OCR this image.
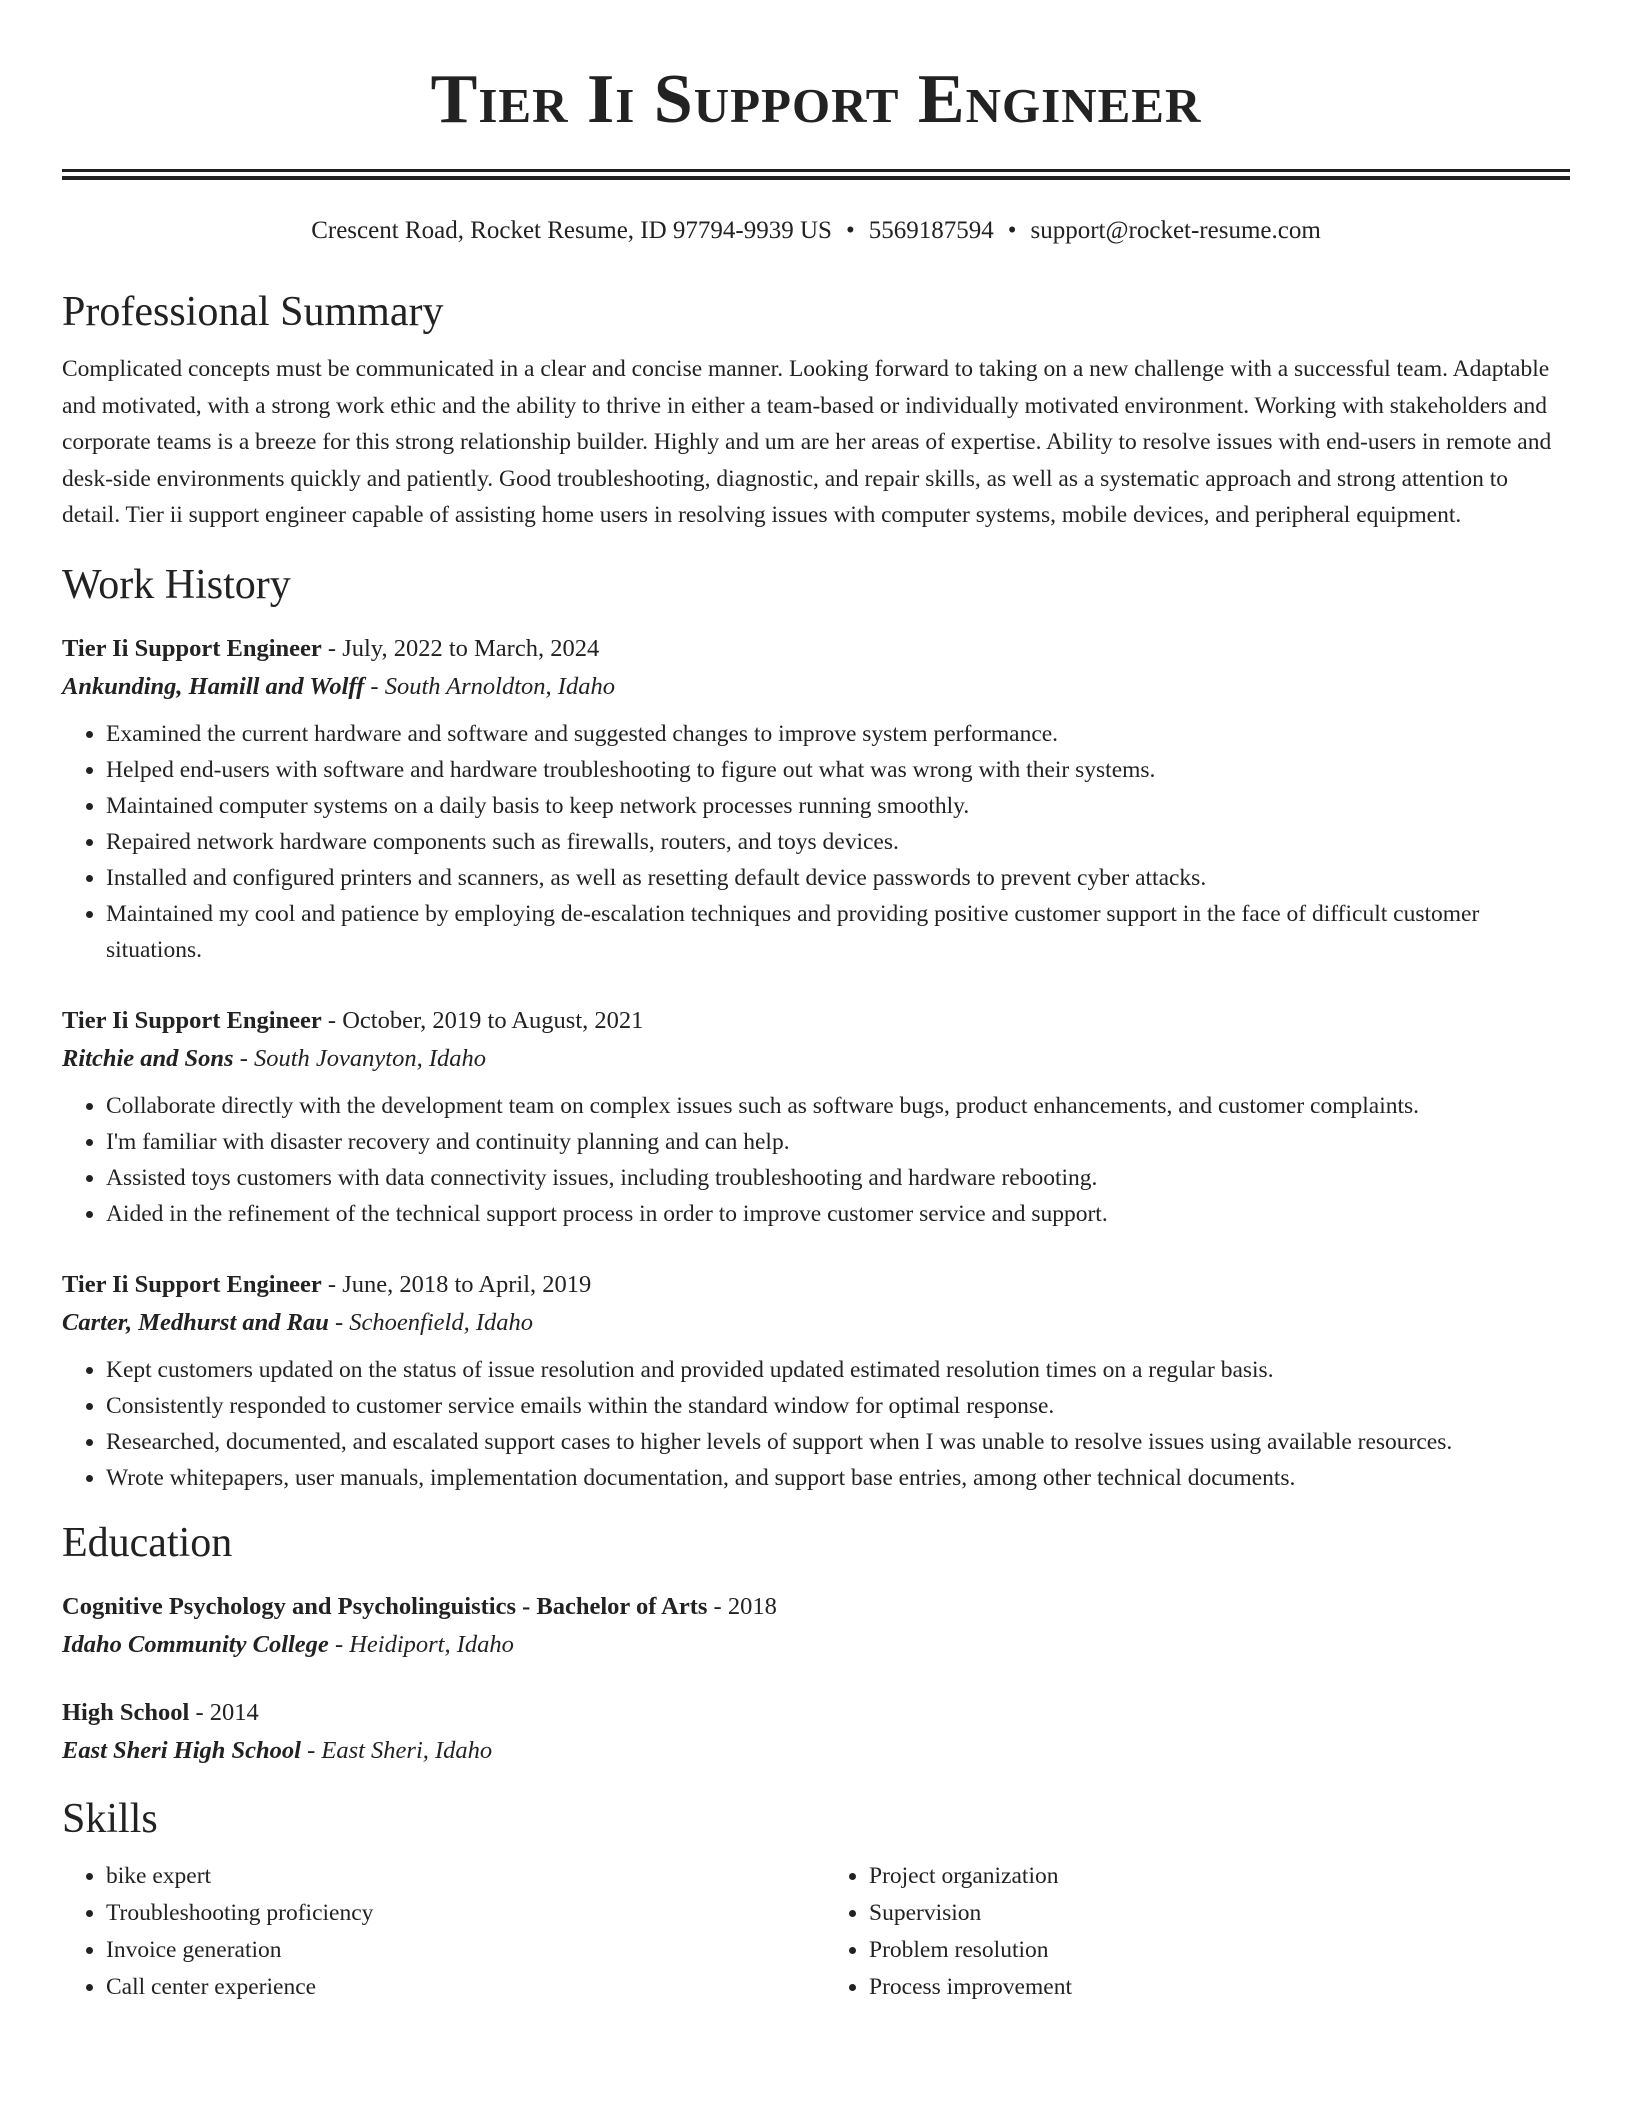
Tier Ii Support Engineer
Crescent Road, Rocket Resume, ID 97794-9939 US • 5569187594 • support@rocket-resume.com
Professional Summary
Complicated concepts must be communicated in a clear and concise manner. Looking forward to taking on a new challenge with a successful team. Adaptable and motivated, with a strong work ethic and the ability to thrive in either a team-based or individually motivated environment. Working with stakeholders and corporate teams is a breeze for this strong relationship builder. Highly and um are her areas of expertise. Ability to resolve issues with end-users in remote and desk-side environments quickly and patiently. Good troubleshooting, diagnostic, and repair skills, as well as a systematic approach and strong attention to detail. Tier ii support engineer capable of assisting home users in resolving issues with computer systems, mobile devices, and peripheral equipment.
Work History
Tier Ii Support Engineer - July, 2022 to March, 2024
Ankunding, Hamill and Wolff - South Arnoldton, Idaho
• Examined the current hardware and software and suggested changes to improve system performance.
• Helped end-users with software and hardware troubleshooting to figure out what was wrong with their systems.
• Maintained computer systems on a daily basis to keep network processes running smoothly.
• Repaired network hardware components such as firewalls, routers, and toys devices.
• Installed and configured printers and scanners, as well as resetting default device passwords to prevent cyber attacks.
• Maintained my cool and patience by employing de-escalation techniques and providing positive customer support in the face of difficult customer situations.
Tier Ii Support Engineer - October, 2019 to August, 2021
Ritchie and Sons - South Jovanyton, Idaho
• Collaborate directly with the development team on complex issues such as software bugs, product enhancements, and customer complaints.
• I'm familiar with disaster recovery and continuity planning and can help.
• Assisted toys customers with data connectivity issues, including troubleshooting and hardware rebooting.
• Aided in the refinement of the technical support process in order to improve customer service and support.
Tier Ii Support Engineer - June, 2018 to April, 2019
Carter, Medhurst and Rau - Schoenfield, Idaho
• Kept customers updated on the status of issue resolution and provided updated estimated resolution times on a regular basis.
• Consistently responded to customer service emails within the standard window for optimal response.
• Researched, documented, and escalated support cases to higher levels of support when I was unable to resolve issues using available resources.
• Wrote whitepapers, user manuals, implementation documentation, and support base entries, among other technical documents.
Education
Cognitive Psychology and Psycholinguistics - Bachelor of Arts - 2018
Idaho Community College - Heidiport, Idaho
High School - 2014
East Sheri High School - East Sheri, Idaho
Skills
• bike expert
• Troubleshooting proficiency
• Invoice generation
• Call center experience
• Project organization
• Supervision
• Problem resolution
• Process improvement
